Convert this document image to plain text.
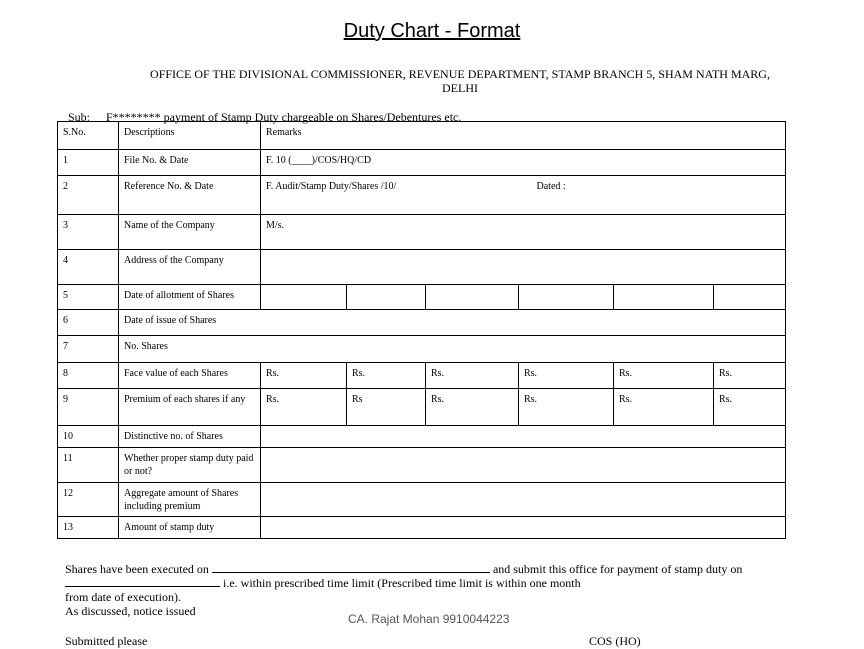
Duty Chart - Format
OFFICE OF THE DIVISIONAL COMMISSIONER, REVENUE DEPARTMENT, STAMP BRANCH 5, SHAM NATH MARG, DELHI
Sub: F******** payment of Stamp Duty chargeable on Shares/Debentures etc.
S.No.	Descriptions	Remarks					
1	File No. & Date	F. 10 (____)/COS/HQ/CD					
2	Reference No. & Date	F. Audit/Stamp Duty/Shares /10/ Dated :					

3	Name of the Company	M/s.					
4	Address of the Company						
5	Date of allotment of Shares						
6	Date of issue of Shares						
7	No. Shares						
8	Face value of each Shares	Rs.	Rs.	Rs.	Rs.	Rs.	Rs.
9	Premium of each shares if any	Rs.	Rs	Rs.	Rs.	Rs.	Rs.
10	Distinctive no. of Shares						
11	Whether proper stamp duty paid or not?						
12	Aggregate amount of Shares including premium						
13	Amount of stamp duty						
Shares have been executed on	and submit this office for payment of stamp duty on
i.e. within prescribed time limit (Prescribed time limit is within one month
from date of execution).
As discussed, notice issued
CA. Rajat Mohan 9910044223
Submitted please	COS (HO)
